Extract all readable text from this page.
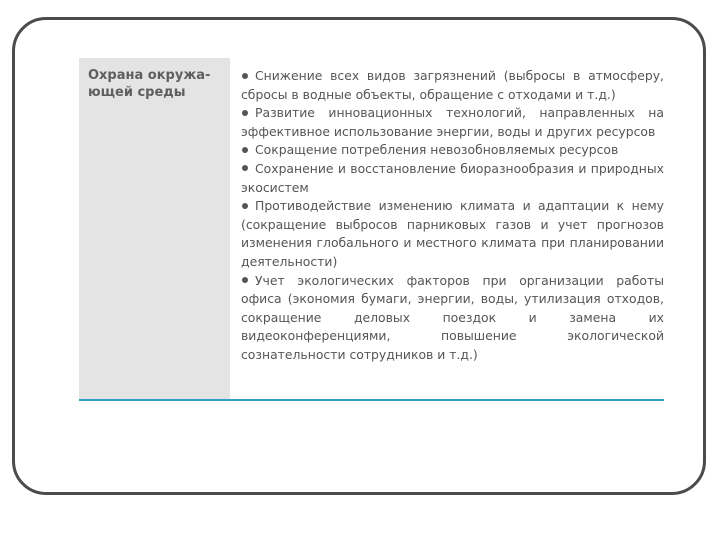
Охрана окружа-
ющей среды

Снижение всех видов загрязнений (выбросы в атмосферу, сбросы в водные объекты, обращение с отходами и т.д.)

Развитие инновационных технологий, направленных на эффективное использование энергии, воды и других ресурсов

Сокращение потребления невозобновляемых ресурсов

Сохранение и восстановление биоразнообразия и природных экосистем

Противодействие изменению климата и адаптации к нему (сокращение выбросов парниковых газов и учет прогнозов изменения глобального и местного климата при планировании деятельности)

Учет экологических факторов при организации работы офиса (экономия бумаги, энергии, воды, утилизация отходов, сокращение деловых поездок и замена их видеоконференциями, повышение экологической сознательности сотрудников и т.д.)
